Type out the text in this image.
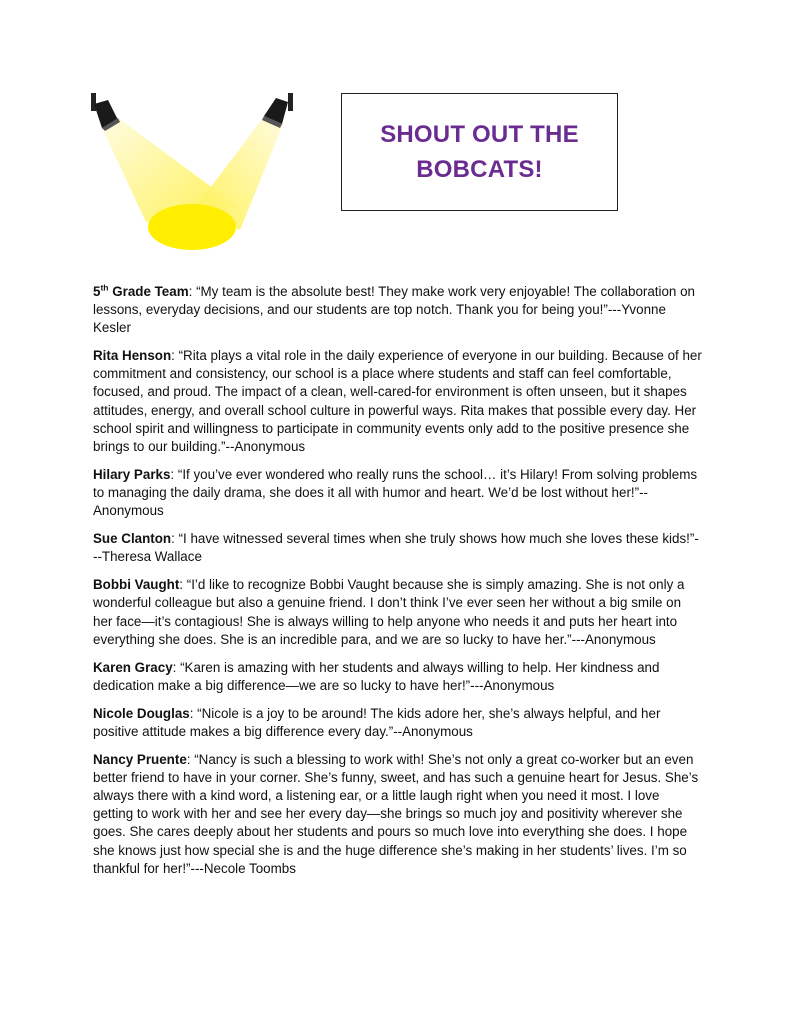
SHOUT OUT THE BOBCATS!

5th Grade Team: “My team is the absolute best! They make work very enjoyable! The collaboration on lessons, everyday decisions, and our students are top notch. Thank you for being you!”---Yvonne Kesler

Rita Henson: “Rita plays a vital role in the daily experience of everyone in our building. Because of her commitment and consistency, our school is a place where students and staff can feel comfortable, focused, and proud. The impact of a clean, well-cared-for environment is often unseen, but it shapes attitudes, energy, and overall school culture in powerful ways. Rita makes that possible every day. Her school spirit and willingness to participate in community events only add to the positive presence she brings to our building.”--Anonymous

Hilary Parks: “If you’ve ever wondered who really runs the school… it’s Hilary! From solving problems to managing the daily drama, she does it all with humor and heart. We’d be lost without her!”--Anonymous

Sue Clanton: “I have witnessed several times when she truly shows how much she loves these kids!”---Theresa Wallace

Bobbi Vaught: “I’d like to recognize Bobbi Vaught because she is simply amazing. She is not only a wonderful colleague but also a genuine friend. I don’t think I’ve ever seen her without a big smile on her face—it’s contagious! She is always willing to help anyone who needs it and puts her heart into everything she does. She is an incredible para, and we are so lucky to have her.”---Anonymous

Karen Gracy: “Karen is amazing with her students and always willing to help. Her kindness and dedication make a big difference—we are so lucky to have her!”---Anonymous

Nicole Douglas: “Nicole is a joy to be around! The kids adore her, she’s always helpful, and her positive attitude makes a big difference every day.”--Anonymous

Nancy Pruente: “Nancy is such a blessing to work with! She’s not only a great co-worker but an even better friend to have in your corner. She’s funny, sweet, and has such a genuine heart for Jesus. She’s always there with a kind word, a listening ear, or a little laugh right when you need it most. I love getting to work with her and see her every day—she brings so much joy and positivity wherever she goes. She cares deeply about her students and pours so much love into everything she does. I hope she knows just how special she is and the huge difference she’s making in her students’ lives. I’m so thankful for her!”---Necole Toombs
